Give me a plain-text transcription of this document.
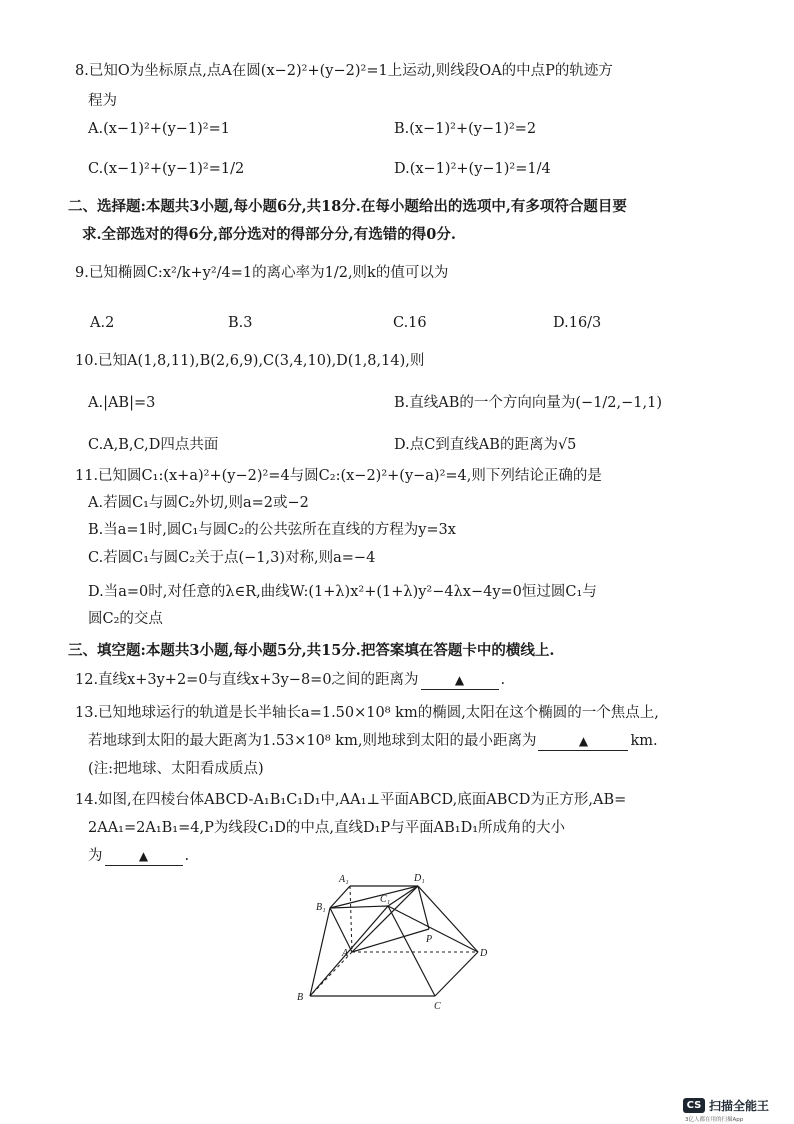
8.已知O为坐标原点,点A在圆(x−2)²+(y−2)²=1上运动,则线段OA的中点P的轨迹方
程为
A.(x−1)²+(y−1)²=1	B.(x−1)²+(y−1)²=2
C.(x−1)²+(y−1)²=1/2	D.(x−1)²+(y−1)²=1/4
二、选择题:本题共3小题,每小题6分,共18分.在每小题给出的选项中,有多项符合题目要
求.全部选对的得6分,部分选对的得部分分,有选错的得0分.
9.已知椭圆C:x²/k+y²/4=1的离心率为1/2,则k的值可以为
A.2	B.3	C.16	D.16/3
10.已知A(1,8,11),B(2,6,9),C(3,4,10),D(1,8,14),则
A.|AB|=3	B.直线AB的一个方向向量为(−1/2,−1,1)
C.A,B,C,D四点共面	D.点C到直线AB的距离为√5
11.已知圆C₁:(x+a)²+(y−2)²=4与圆C₂:(x−2)²+(y−a)²=4,则下列结论正确的是
A.若圆C₁与圆C₂外切,则a=2或−2
B.当a=1时,圆C₁与圆C₂的公共弦所在直线的方程为y=3x
C.若圆C₁与圆C₂关于点(−1,3)对称,则a=−4
D.当a=0时,对任意的λ∈R,曲线W:(1+λ)x²+(1+λ)y²−4λx−4y=0恒过圆C₁与
圆C₂的交点
三、填空题:本题共3小题,每小题5分,共15分.把答案填在答题卡中的横线上.
12.直线x+3y+2=0与直线x+3y−8=0之间的距离为	▲	.
13.已知地球运行的轨道是长半轴长a=1.50×10⁸ km的椭圆,太阳在这个椭圆的一个焦点上,
若地球到太阳的最大距离为1.53×10⁸ km,则地球到太阳的最小距离为	▲	km.
(注:把地球、太阳看成质点)
14.如图,在四棱台体ABCD-A₁B₁C₁D₁中,AA₁⊥平面ABCD,底面ABCD为正方形,AB=
2AA₁=2A₁B₁=4,P为线段C₁D的中点,直线D₁P与平面AB₁D₁所成角的大小
为	▲	.
A₁	D₁
B₁
C₁
P
A	D
B
C
CS 扫描全能王
3亿人都在用的扫描App
